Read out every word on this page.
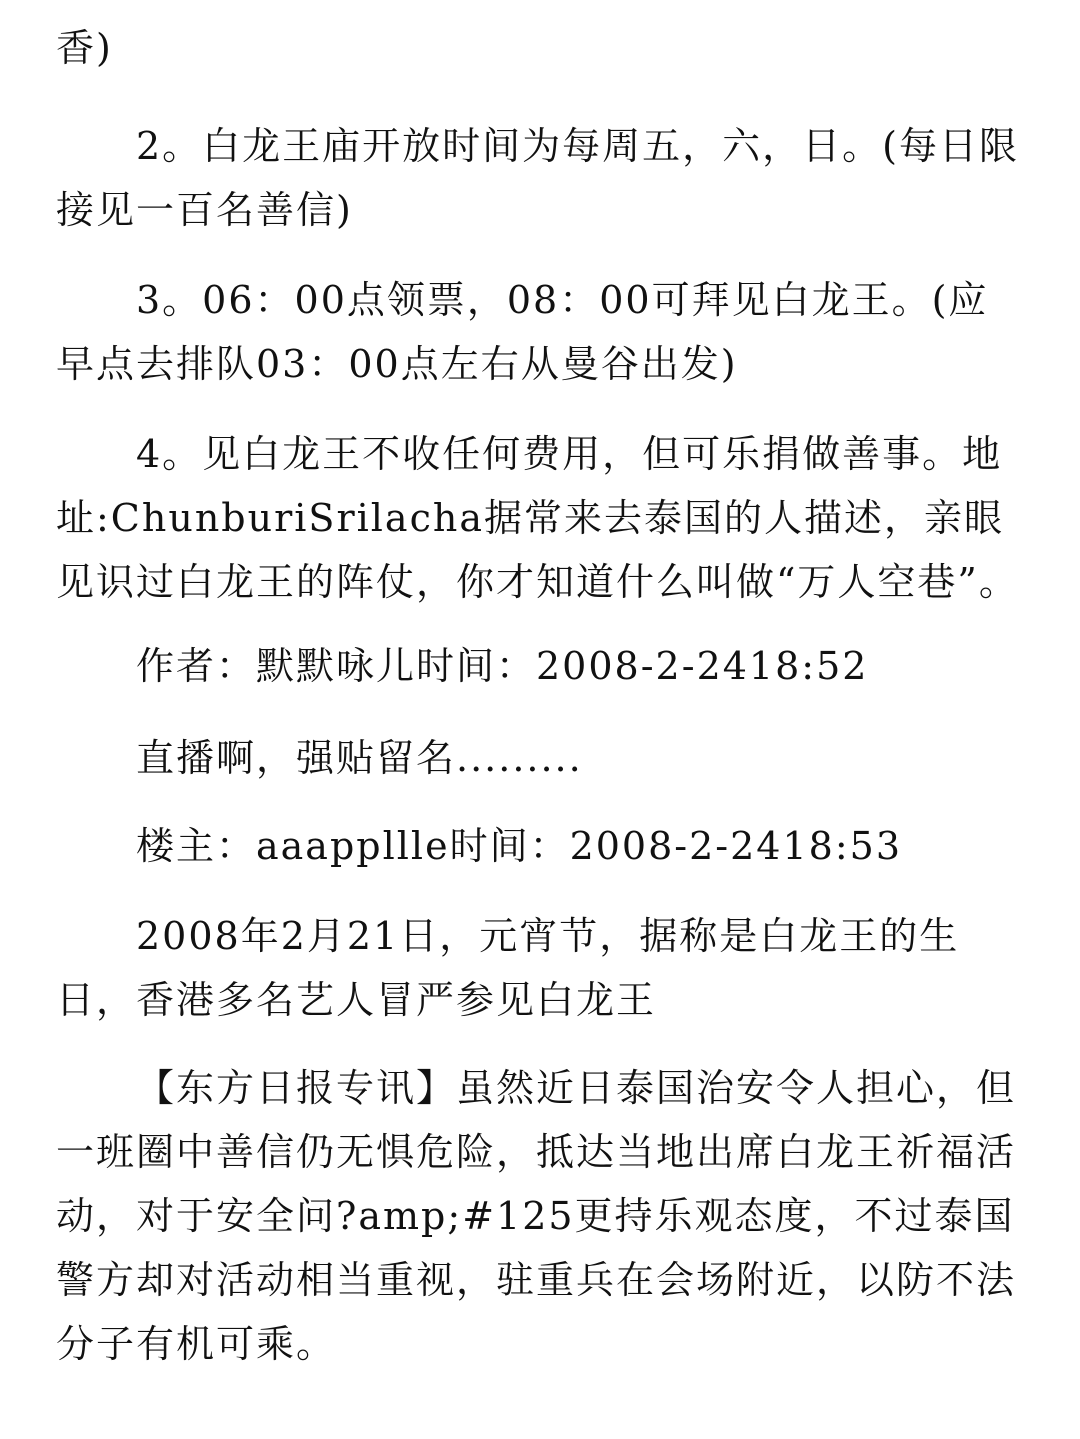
香)

2。白龙王庙开放时间为每周五，六，日。(每日限接见一百名善信)

3。06：00点领票，08：00可拜见白龙王。(应早点去排队03：00点左右从曼谷出发)

4。见白龙王不收任何费用，但可乐捐做善事。地址:ChunburiSrilacha据常来去泰国的人描述，亲眼见识过白龙王的阵仗，你才知道什么叫做“万人空巷”。

作者：默默咏儿时间：2008-2-2418:52

直播啊，强贴留名.........

楼主：aaappllle时间：2008-2-2418:53

2008年2月21日，元宵节，据称是白龙王的生日，香港多名艺人冒严参见白龙王

【东方日报专讯】虽然近日泰国治安令人担心，但一班圈中善信仍无惧危险，抵达当地出席白龙王祈福活动，对于安全问?amp;#125更持乐观态度，不过泰国警方却对活动相当重视，驻重兵在会场附近，以防不法分子有机可乘。
